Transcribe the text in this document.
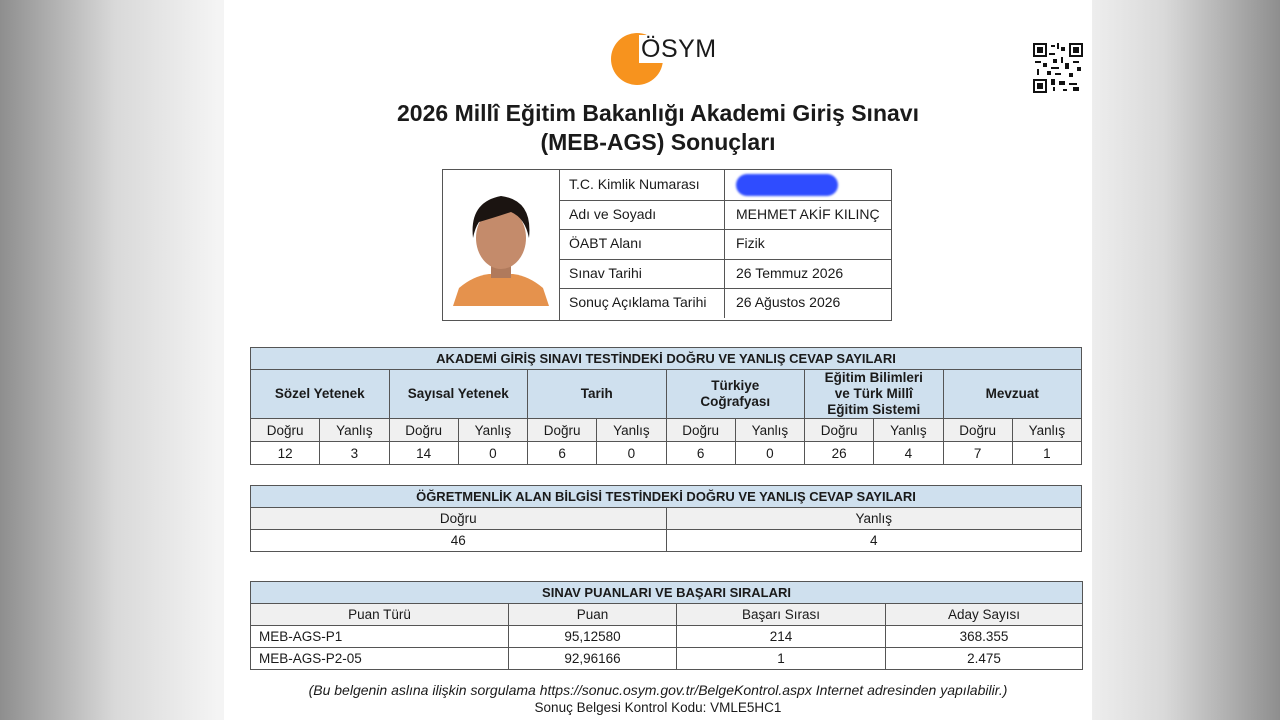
ÖSYM
2026 Millî Eğitim Bakanlığı Akademi Giriş Sınavı
(MEB-AGS) Sonuçları
T.C. Kimlik Numarası
Adı ve Soyadı	MEHMET AKİF KILINÇ
ÖABT Alanı	Fizik
Sınav Tarihi	26 Temmuz 2026
Sonuç Açıklama Tarihi	26 Ağustos 2026
AKADEMİ GİRİŞ SINAVI TESTİNDEKİ DOĞRU VE YANLIŞ CEVAP SAYILARI											
Sözel Yetenek		Sayısal Yetenek		Tarih		Türkiye Coğrafyası		Eğitim Bilimleri ve Türk Millî Eğitim Sistemi		Mevzuat	
Doğru	Yanlış	Doğru	Yanlış	Doğru	Yanlış	Doğru	Yanlış	Doğru	Yanlış	Doğru	Yanlış
12	3	14	0	6	0	6	0	26	4	7	1
ÖĞRETMENLİK ALAN BİLGİSİ TESTİNDEKİ DOĞRU VE YANLIŞ CEVAP SAYILARI	
Doğru	Yanlış
46	4
SINAV PUANLARI VE BAŞARI SIRALARI			
Puan Türü	Puan	Başarı Sırası	Aday Sayısı
MEB-AGS-P1	95,12580	214	368.355
MEB-AGS-P2-05	92,96166	1	2.475
(Bu belgenin aslına ilişkin sorgulama https://sonuc.osym.gov.tr/BelgeKontrol.aspx Internet adresinden yapılabilir.)
Sonuç Belgesi Kontrol Kodu: VMLE5HC1
